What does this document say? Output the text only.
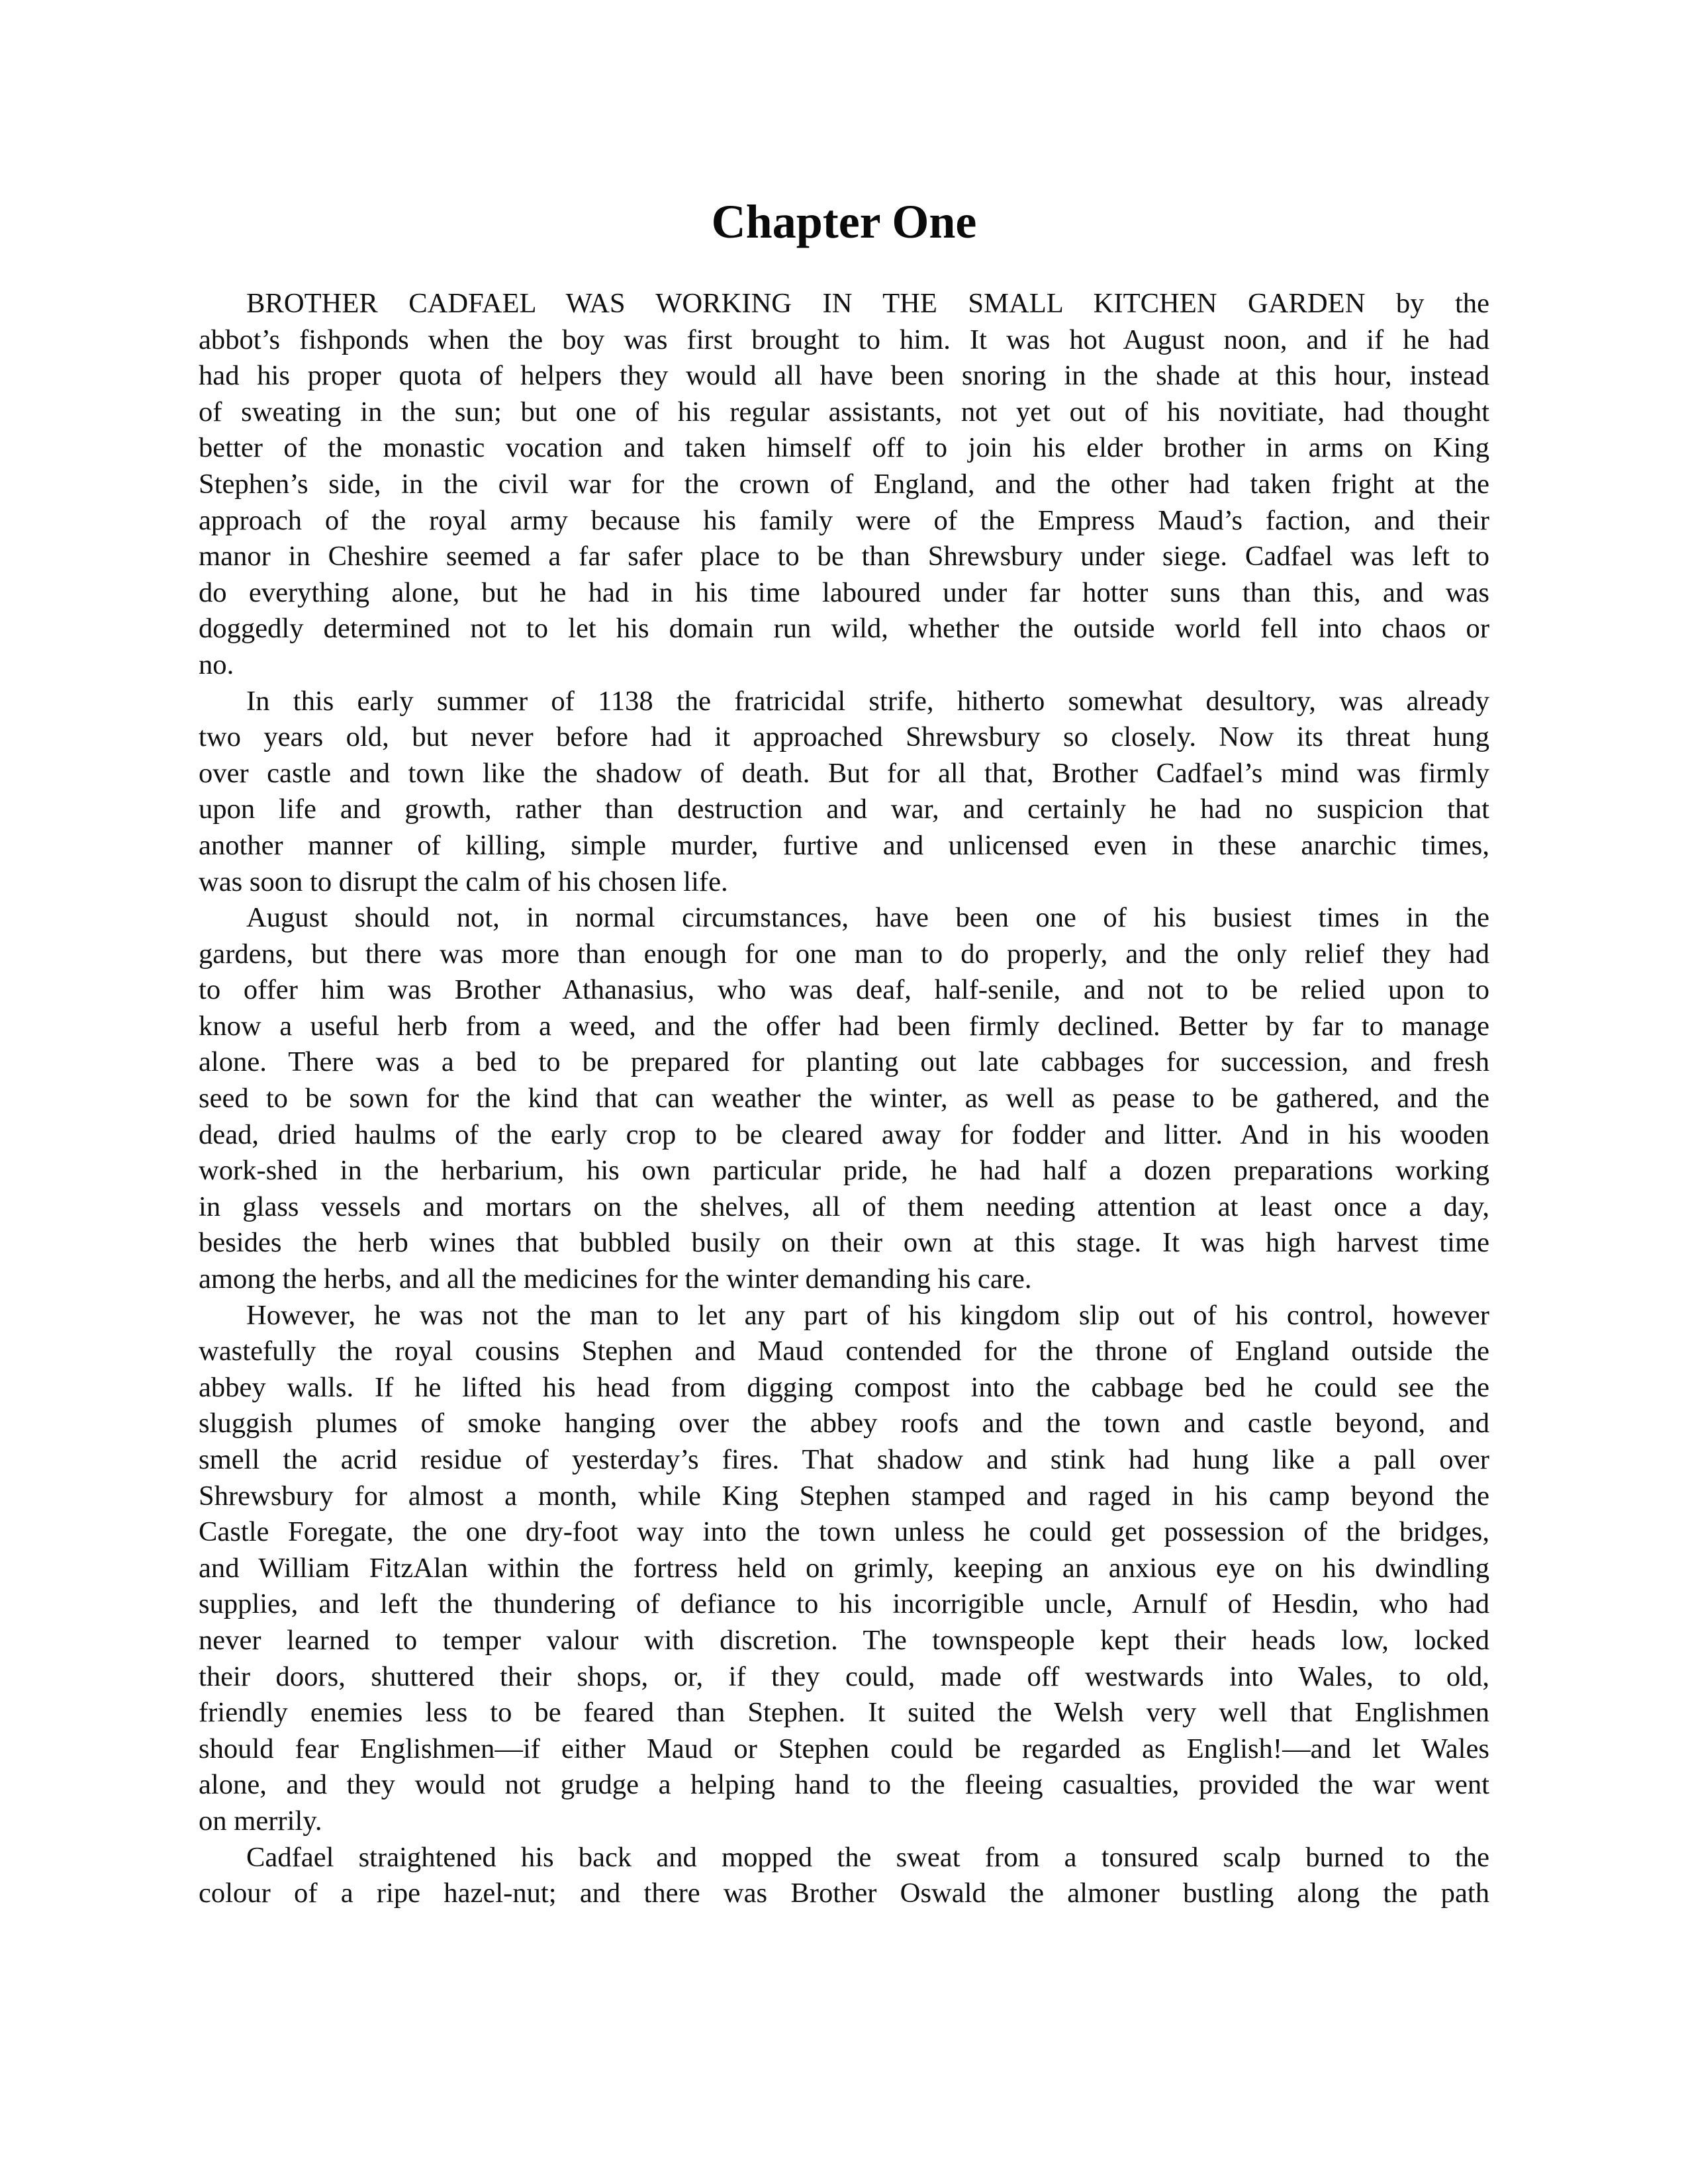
Chapter One

BROTHER CADFAEL WAS WORKING IN THE SMALL KITCHEN GARDEN by the
abbot’s fishponds when the boy was first brought to him. It was hot August noon, and if he had
had his proper quota of helpers they would all have been snoring in the shade at this hour, instead
of sweating in the sun; but one of his regular assistants, not yet out of his novitiate, had thought
better of the monastic vocation and taken himself off to join his elder brother in arms on King
Stephen’s side, in the civil war for the crown of England, and the other had taken fright at the
approach of the royal army because his family were of the Empress Maud’s faction, and their
manor in Cheshire seemed a far safer place to be than Shrewsbury under siege. Cadfael was left to
do everything alone, but he had in his time laboured under far hotter suns than this, and was
doggedly determined not to let his domain run wild, whether the outside world fell into chaos or
no.

In this early summer of 1138 the fratricidal strife, hitherto somewhat desultory, was already
two years old, but never before had it approached Shrewsbury so closely. Now its threat hung
over castle and town like the shadow of death. But for all that, Brother Cadfael’s mind was firmly
upon life and growth, rather than destruction and war, and certainly he had no suspicion that
another manner of killing, simple murder, furtive and unlicensed even in these anarchic times,
was soon to disrupt the calm of his chosen life.

August should not, in normal circumstances, have been one of his busiest times in the
gardens, but there was more than enough for one man to do properly, and the only relief they had
to offer him was Brother Athanasius, who was deaf, half-senile, and not to be relied upon to
know a useful herb from a weed, and the offer had been firmly declined. Better by far to manage
alone. There was a bed to be prepared for planting out late cabbages for succession, and fresh
seed to be sown for the kind that can weather the winter, as well as pease to be gathered, and the
dead, dried haulms of the early crop to be cleared away for fodder and litter. And in his wooden
work-shed in the herbarium, his own particular pride, he had half a dozen preparations working
in glass vessels and mortars on the shelves, all of them needing attention at least once a day,
besides the herb wines that bubbled busily on their own at this stage. It was high harvest time
among the herbs, and all the medicines for the winter demanding his care.

However, he was not the man to let any part of his kingdom slip out of his control, however
wastefully the royal cousins Stephen and Maud contended for the throne of England outside the
abbey walls. If he lifted his head from digging compost into the cabbage bed he could see the
sluggish plumes of smoke hanging over the abbey roofs and the town and castle beyond, and
smell the acrid residue of yesterday’s fires. That shadow and stink had hung like a pall over
Shrewsbury for almost a month, while King Stephen stamped and raged in his camp beyond the
Castle Foregate, the one dry-foot way into the town unless he could get possession of the bridges,
and William FitzAlan within the fortress held on grimly, keeping an anxious eye on his dwindling
supplies, and left the thundering of defiance to his incorrigible uncle, Arnulf of Hesdin, who had
never learned to temper valour with discretion. The townspeople kept their heads low, locked
their doors, shuttered their shops, or, if they could, made off westwards into Wales, to old,
friendly enemies less to be feared than Stephen. It suited the Welsh very well that Englishmen
should fear Englishmen—if either Maud or Stephen could be regarded as English!—and let Wales
alone, and they would not grudge a helping hand to the fleeing casualties, provided the war went
on merrily.

Cadfael straightened his back and mopped the sweat from a tonsured scalp burned to the
colour of a ripe hazel-nut; and there was Brother Oswald the almoner bustling along the path
